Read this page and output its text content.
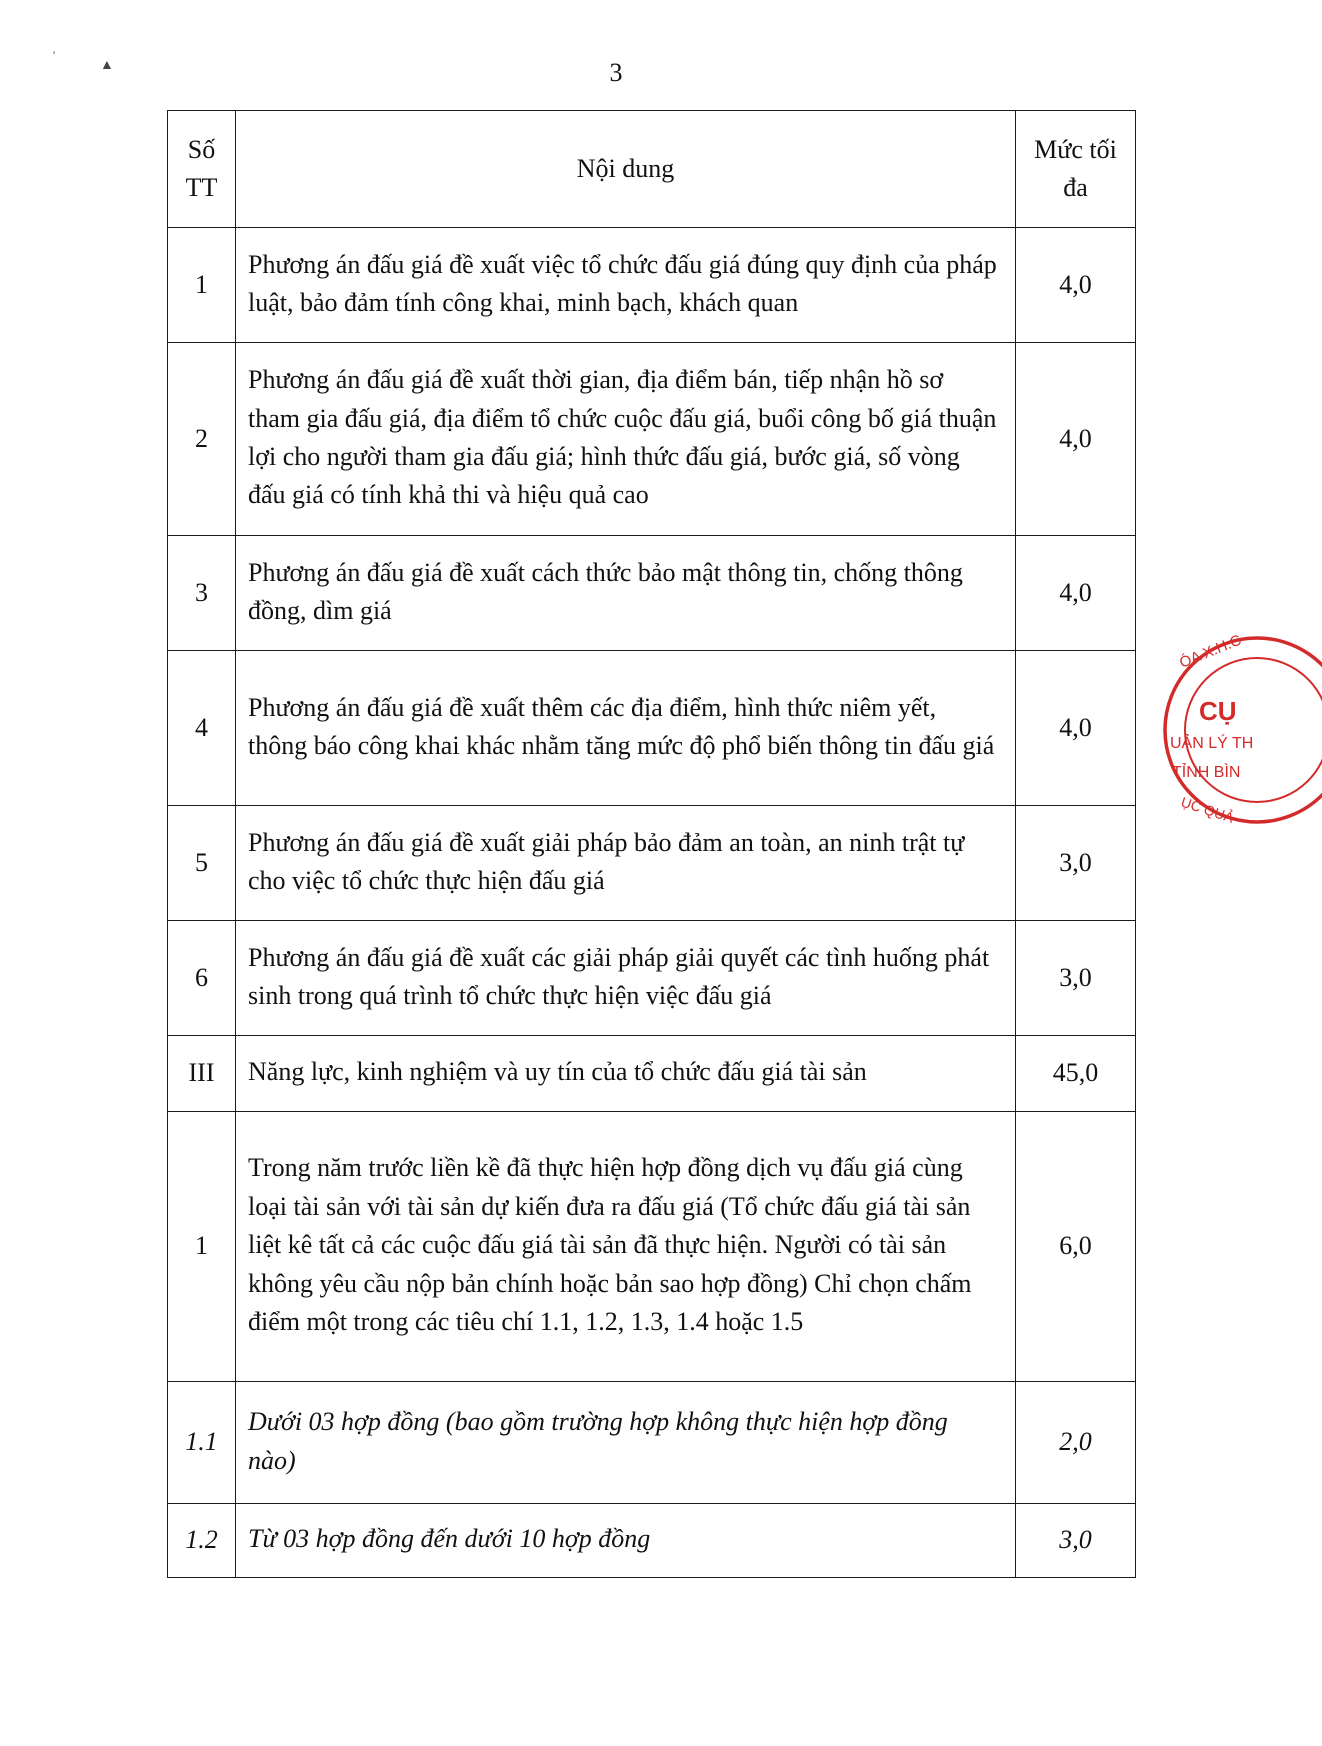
3
'
▲
Số TT	Nội dung	Mức tối đa
1	Phương án đấu giá đề xuất việc tổ chức đấu giá đúng quy định của pháp luật, bảo đảm tính công khai, minh bạch, khách quan	4,0
2	Phương án đấu giá đề xuất thời gian, địa điểm bán, tiếp nhận hồ sơ tham gia đấu giá, địa điểm tổ chức cuộc đấu giá, buổi công bố giá thuận lợi cho người tham gia đấu giá; hình thức đấu giá, bước giá, số vòng đấu giá có tính khả thi và hiệu quả cao	4,0
3	Phương án đấu giá đề xuất cách thức bảo mật thông tin, chống thông đồng, dìm giá	4,0
4	Phương án đấu giá đề xuất thêm các địa điểm, hình thức niêm yết, thông báo công khai khác nhằm tăng mức độ phổ biến thông tin đấu giá	4,0
5	Phương án đấu giá đề xuất giải pháp bảo đảm an toàn, an ninh trật tự cho việc tổ chức thực hiện đấu giá	3,0
6	Phương án đấu giá đề xuất các giải pháp giải quyết các tình huống phát sinh trong quá trình tổ chức thực hiện việc đấu giá	3,0
III	Năng lực, kinh nghiệm và uy tín của tổ chức đấu giá tài sản	45,0
1	Trong năm trước liền kề đã thực hiện hợp đồng dịch vụ đấu giá cùng loại tài sản với tài sản dự kiến đưa ra đấu giá (Tổ chức đấu giá tài sản liệt kê tất cả các cuộc đấu giá tài sản đã thực hiện. Người có tài sản không yêu cầu nộp bản chính hoặc bản sao hợp đồng) Chỉ chọn chấm điểm một trong các tiêu chí 1.1, 1.2, 1.3, 1.4 hoặc 1.5	6,0
1.1	Dưới 03 hợp đồng (bao gồm trường hợp không thực hiện hợp đồng nào)	2,0
1.2	Từ 03 hợp đồng đến dưới 10 hợp đồng	3,0
ÓA X.H.C
CỤ
UẢN LÝ TH
TỈNH BÌN
ỤC QUẢ
